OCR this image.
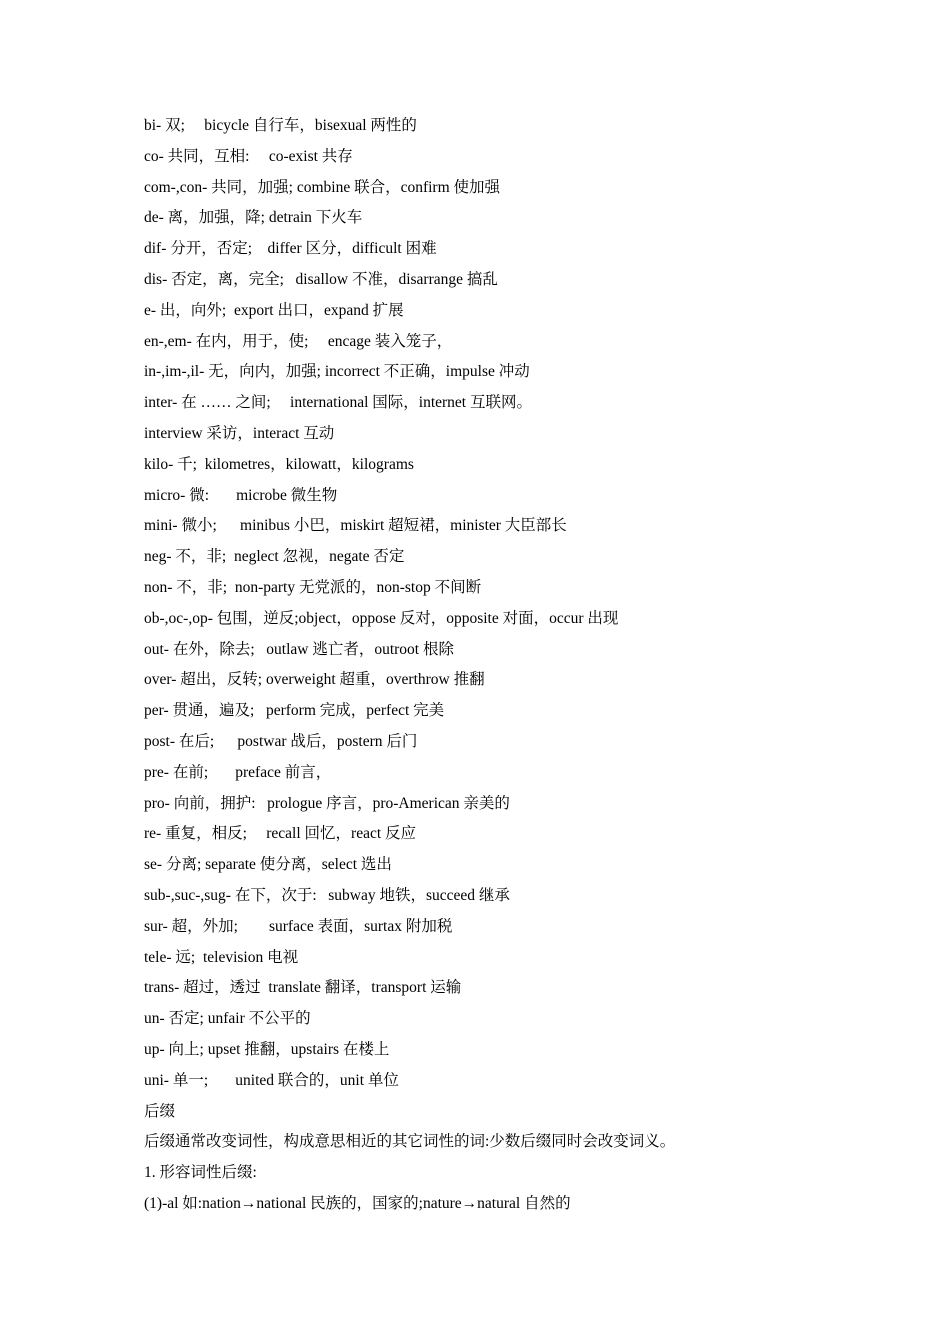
bi- 双;     bicycle 自行车，bisexual 两性的
co- 共同，互相:     co-exist 共存
com-,con- 共同，加强; combine 联合，confirm 使加强
de- 离，加强，降; detrain 下火车
dif- 分开，否定;    differ 区分，difficult 困难
dis- 否定，离，完全;   disallow 不准，disarrange 搞乱
e- 出，向外;  export 出口，expand 扩展
en-,em- 在内，用于，使;     encage 装入笼子，
in-,im-,il- 无，向内，加强; incorrect 不正确，impulse 冲动
inter- 在 …… 之间;     international 国际，internet 互联网。
interview 采访，interact 互动
kilo- 千;  kilometres，kilowatt，kilograms
micro- 微:       microbe 微生物
mini- 微小;      minibus 小巴，miskirt 超短裙，minister 大臣部长
neg- 不，非;  neglect 忽视，negate 否定
non- 不，非;  non-party 无党派的，non-stop 不间断
ob-,oc-,op- 包围，逆反;object，oppose 反对，opposite 对面，occur 出现
out- 在外，除去;   outlaw 逃亡者，outroot 根除
over- 超出，反转; overweight 超重，overthrow 推翻
per- 贯通，遍及;   perform 完成，perfect 完美
post- 在后;      postwar 战后，postern 后门
pre- 在前;       preface 前言，
pro- 向前，拥护:   prologue 序言，pro-American 亲美的
re- 重复，相反;     recall 回忆，react 反应
se- 分离; separate 使分离，select 选出
sub-,suc-,sug- 在下，次于:   subway 地铁，succeed 继承
sur- 超，外加;        surface 表面，surtax 附加税
tele- 远;  television 电视
trans- 超过，透过  translate 翻译，transport 运输
un- 否定; unfair 不公平的
up- 向上; upset 推翻，upstairs 在楼上
uni- 单一;       united 联合的，unit 单位
后缀
后缀通常改变词性，构成意思相近的其它词性的词:少数后缀同时会改变词义。
1. 形容词性后缀:
(1)-al 如:nation→national 民族的，国家的;nature→natural 自然的
